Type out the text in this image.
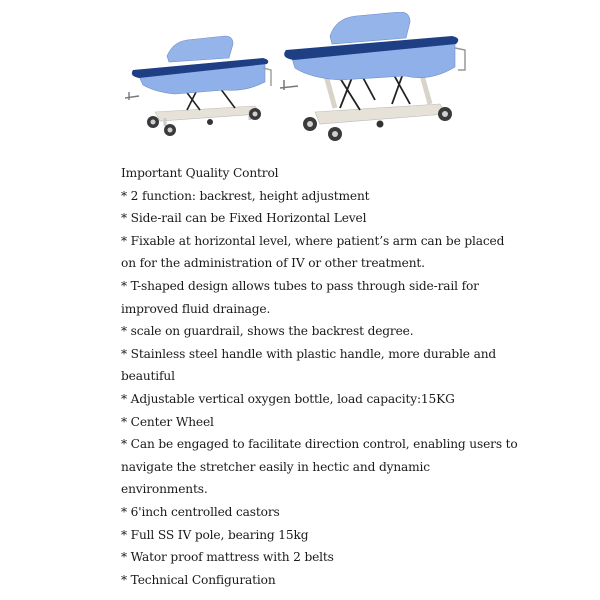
Important Quality Control
* 2 function: backrest, height adjustment
* Side-rail can be Fixed Horizontal Level
* Fixable at horizontal level, where patient’s arm can be placed
on for the administration of IV or other treatment.
* T-shaped design allows tubes to pass through side-rail for
improved fluid drainage.
* scale on guardrail, shows the backrest degree.
* Stainless steel handle with plastic handle, more durable and
beautiful
* Adjustable vertical oxygen bottle, load capacity:15KG
* Center Wheel
* Can be engaged to facilitate direction control, enabling users to
navigate the stretcher easily in hectic and dynamic
environments.
* 6'inch centrolled castors
* Full SS IV pole, bearing 15kg
* Wator proof mattress with 2 belts
* Technical Configuration
